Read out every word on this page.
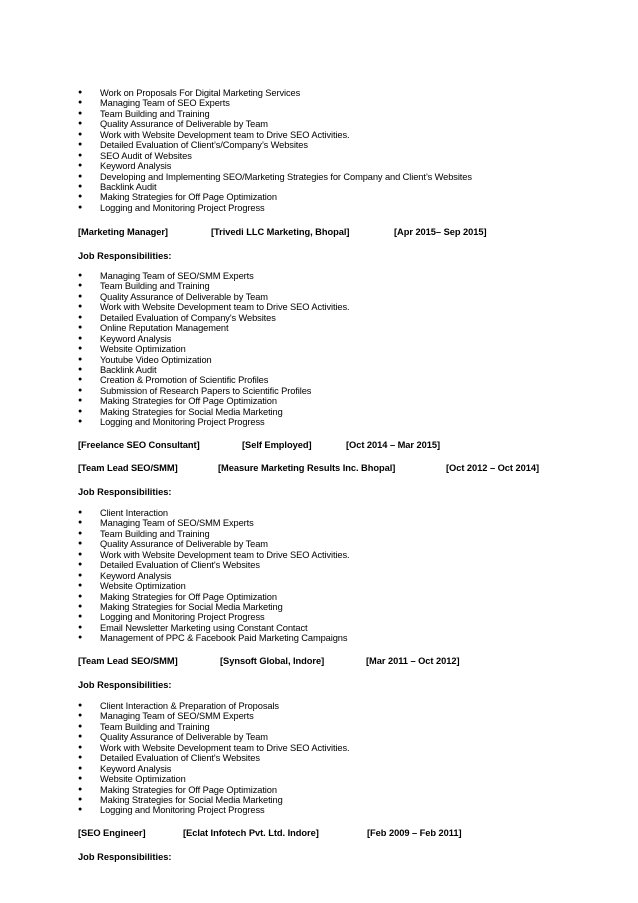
● Work on Proposals For Digital Marketing Services
● Managing Team of SEO Experts
● Team Building and Training
● Quality Assurance of Deliverable by Team
● Work with Website Development team to Drive SEO Activities.
● Detailed Evaluation of Client’s/Company’s Websites
● SEO Audit of Websites
● Keyword Analysis
● Developing and Implementing SEO/Marketing Strategies for Company and Client’s Websites
● Backlink Audit
● Making Strategies for Off Page Optimization
● Logging and Monitoring Project Progress
[Marketing Manager]	[Trivedi LLC Marketing, Bhopal]	[Apr 2015– Sep 2015]
Job Responsibilities:
● Managing Team of SEO/SMM Experts
● Team Building and Training
● Quality Assurance of Deliverable by Team
● Work with Website Development team to Drive SEO Activities.
● Detailed Evaluation of Company's Websites
● Online Reputation Management
● Keyword Analysis
● Website Optimization
● Youtube Video Optimization
● Backlink Audit
● Creation & Promotion of Scientific Profiles
● Submission of Research Papers to Scientific Profiles
● Making Strategies for Off Page Optimization
● Making Strategies for Social Media Marketing
● Logging and Monitoring Project Progress
[Freelance SEO Consultant]	[Self Employed]	[Oct 2014 – Mar 2015]
[Team Lead SEO/SMM]	[Measure Marketing Results Inc. Bhopal]	[Oct 2012 – Oct 2014]
Job Responsibilities:
● Client Interaction
● Managing Team of SEO/SMM Experts
● Team Building and Training
● Quality Assurance of Deliverable by Team
● Work with Website Development team to Drive SEO Activities.
● Detailed Evaluation of Client's Websites
● Keyword Analysis
● Website Optimization
● Making Strategies for Off Page Optimization
● Making Strategies for Social Media Marketing
● Logging and Monitoring Project Progress
● Email Newsletter Marketing using Constant Contact
● Management of PPC & Facebook Paid Marketing Campaigns
[Team Lead SEO/SMM]	[Synsoft Global, Indore]	[Mar 2011 – Oct 2012]
Job Responsibilities:
● Client Interaction & Preparation of Proposals
● Managing Team of SEO/SMM Experts
● Team Building and Training
● Quality Assurance of Deliverable by Team
● Work with Website Development team to Drive SEO Activities.
● Detailed Evaluation of Client's Websites
● Keyword Analysis
● Website Optimization
● Making Strategies for Off Page Optimization
● Making Strategies for Social Media Marketing
● Logging and Monitoring Project Progress
[SEO Engineer]	[Eclat Infotech Pvt. Ltd. Indore]	[Feb 2009 – Feb 2011]
Job Responsibilities:
